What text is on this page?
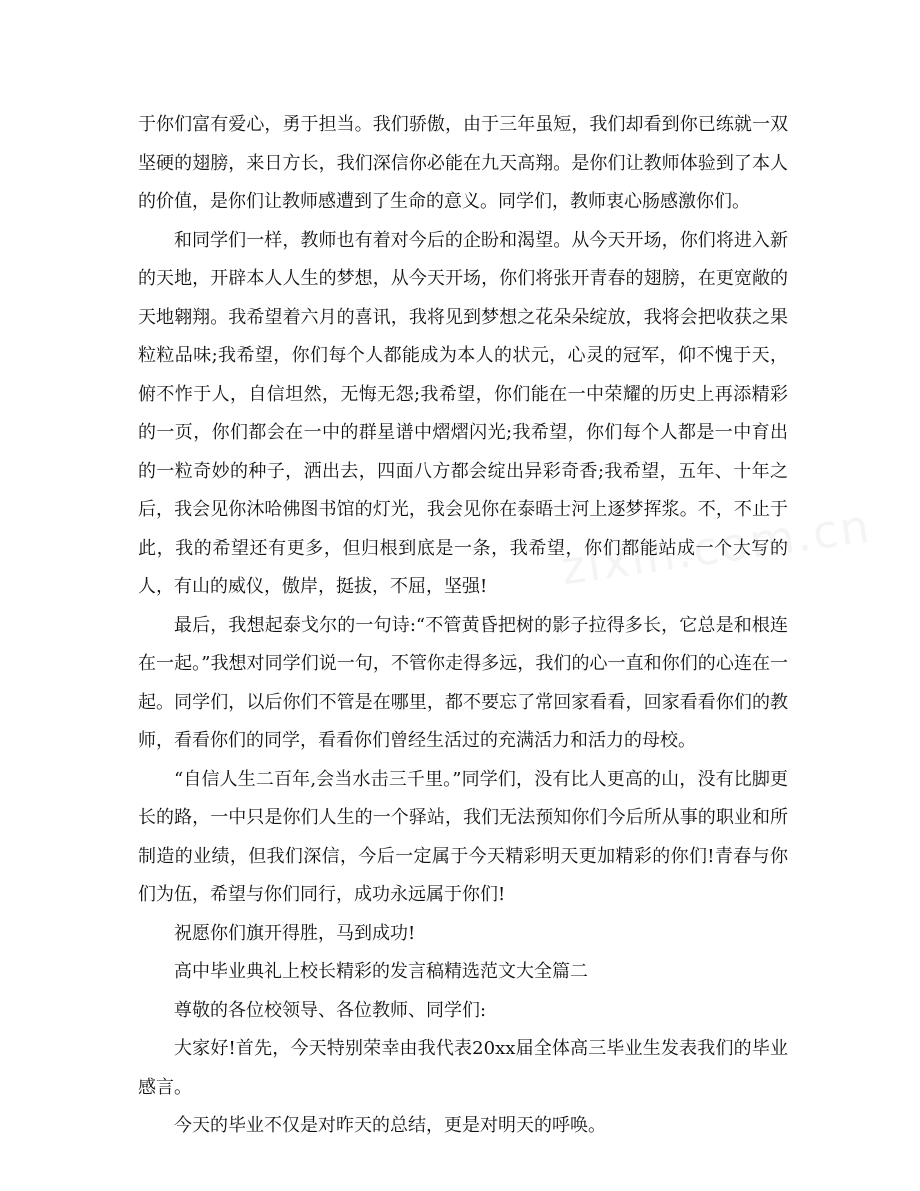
于你们富有爱心，勇于担当。我们骄傲，由于三年虽短，我们却看到你已练就一双坚硬的翅膀，来日方长，我们深信你必能在九天高翔。是你们让教师体验到了本人的价值，是你们让教师感遭到了生命的意义。同学们，教师衷心肠感激你们。

和同学们一样，教师也有着对今后的企盼和渴望。从今天开场，你们将进入新的天地，开辟本人人生的梦想，从今天开场，你们将张开青春的翅膀，在更宽敞的天地翱翔。我希望着六月的喜讯，我将见到梦想之花朵朵绽放，我将会把收获之果粒粒品味;我希望，你们每个人都能成为本人的状元，心灵的冠军，仰不愧于天，俯不怍于人，自信坦然，无悔无怨;我希望，你们能在一中荣耀的历史上再添精彩的一页，你们都会在一中的群星谱中熠熠闪光;我希望，你们每个人都是一中育出的一粒奇妙的种子，洒出去，四面八方都会绽出异彩奇香;我希望，五年、十年之后，我会见你沐哈佛图书馆的灯光，我会见你在泰晤士河上逐梦挥浆。不，不止于此，我的希望还有更多，但归根到底是一条，我希望，你们都能站成一个大写的人，有山的威仪，傲岸，挺拔，不屈，坚强!

最后，我想起泰戈尔的一句诗:“不管黄昏把树的影子拉得多长，它总是和根连在一起。”我想对同学们说一句，不管你走得多远，我们的心一直和你们的心连在一起。同学们，以后你们不管是在哪里，都不要忘了常回家看看，回家看看你们的教师，看看你们的同学，看看你们曾经生活过的充满活力和活力的母校。

“自信人生二百年,会当水击三千里。”同学们，没有比人更高的山，没有比脚更长的路，一中只是你们人生的一个驿站，我们无法预知你们今后所从事的职业和所制造的业绩，但我们深信，今后一定属于今天精彩明天更加精彩的你们!青春与你们为伍，希望与你们同行，成功永远属于你们!

祝愿你们旗开得胜，马到成功!

高中毕业典礼上校长精彩的发言稿精选范文大全篇二

尊敬的各位校领导、各位教师、同学们:

大家好!首先，今天特别荣幸由我代表20xx届全体高三毕业生发表我们的毕业感言。

今天的毕业不仅是对昨天的总结，更是对明天的呼唤。
